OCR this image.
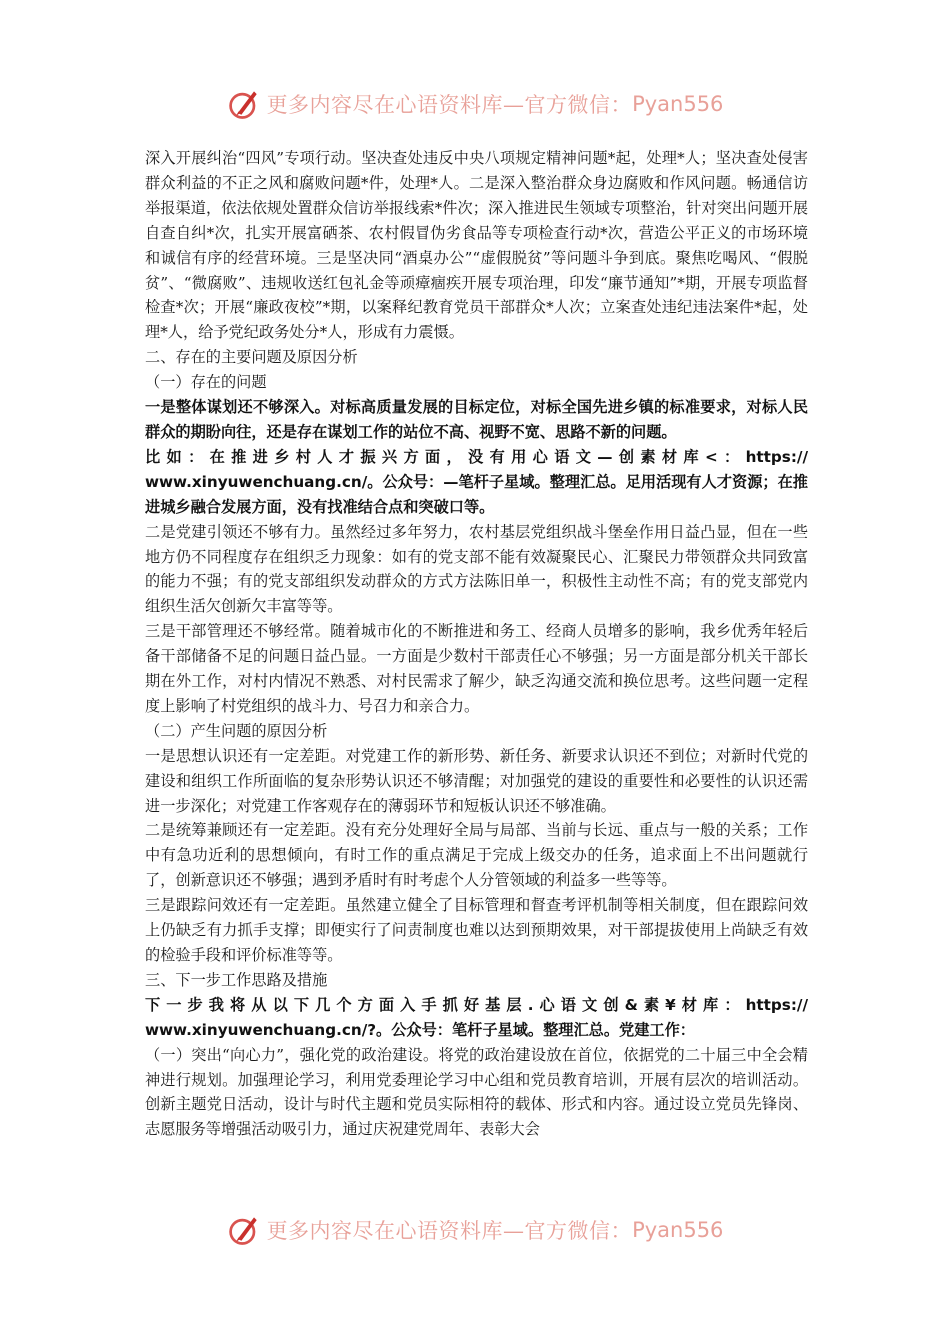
更多内容尽在心语资料库—官方微信： Pyan556

深入开展纠治“四风”专项行动。坚决查处违反中央八项规定精神问题*起，处理*人；坚决查处侵害群众利益的不正之风和腐败问题*件，处理*人。二是深入整治群众身边腐败和作风问题。畅通信访举报渠道，依法依规处置群众信访举报线索*件次；深入推进民生领域专项整治，针对突出问题开展自查自纠*次，扎实开展富硒茶、农村假冒伪劣食品等专项检查行动*次，营造公平正义的市场环境和诚信有序的经营环境。三是坚决同“酒桌办公”“虚假脱贫”等问题斗争到底。聚焦吃喝风、“假脱贫”、“微腐败”、违规收送红包礼金等顽瘴痼疾开展专项治理，印发“廉节通知”*期，开展专项监督检查*次；开展“廉政夜校”*期，以案释纪教育党员干部群众*人次；立案查处违纪违法案件*起，处理*人，给予党纪政务处分*人，形成有力震慑。

二、存在的主要问题及原因分析

（一）存在的问题

一是整体谋划还不够深入。对标高质量发展的目标定位，对标全国先进乡镇的标准要求，对标人民群众的期盼向往，还是存在谋划工作的站位不高、视野不宽、思路不新的问题。

比如：在推进乡村人才振兴方面，没有用心语文—创素材库<：https://

www.xinyuwenchuang.cn/。公众号：—笔杆子星域。整理汇总。足用活现有人才资源；在推进城乡融合发展方面，没有找准结合点和突破口等。

二是党建引领还不够有力。虽然经过多年努力，农村基层党组织战斗堡垒作用日益凸显，但在一些地方仍不同程度存在组织乏力现象：如有的党支部不能有效凝聚民心、汇聚民力带领群众共同致富的能力不强；有的党支部组织发动群众的方式方法陈旧单一，积极性主动性不高；有的党支部党内组织生活欠创新欠丰富等等。

三是干部管理还不够经常。随着城市化的不断推进和务工、经商人员增多的影响，我乡优秀年轻后备干部储备不足的问题日益凸显。一方面是少数村干部责任心不够强；另一方面是部分机关干部长期在外工作，对村内情况不熟悉、对村民需求了解少，缺乏沟通交流和换位思考。这些问题一定程度上影响了村党组织的战斗力、号召力和亲合力。

（二）产生问题的原因分析

一是思想认识还有一定差距。对党建工作的新形势、新任务、新要求认识还不到位；对新时代党的建设和组织工作所面临的复杂形势认识还不够清醒；对加强党的建设的重要性和必要性的认识还需进一步深化；对党建工作客观存在的薄弱环节和短板认识还不够准确。

二是统筹兼顾还有一定差距。没有充分处理好全局与局部、当前与长远、重点与一般的关系；工作中有急功近利的思想倾向，有时工作的重点满足于完成上级交办的任务，追求面上不出问题就行了，创新意识还不够强；遇到矛盾时有时考虑个人分管领域的利益多一些等等。

三是跟踪问效还有一定差距。虽然建立健全了目标管理和督查考评机制等相关制度，但在跟踪问效上仍缺乏有力抓手支撑；即便实行了问责制度也难以达到预期效果，对干部提拔使用上尚缺乏有效的检验手段和评价标准等等。

三、下一步工作思路及措施

下一步我将从以下几个方面入手抓好基层.心语文创&素¥材库：https://

www.xinyuwenchuang.cn/?。公众号：笔杆子星域。整理汇总。党建工作：

（一）突出“向心力”，强化党的政治建设。将党的政治建设放在首位，依据党的二十届三中全会精神进行规划。加强理论学习，利用党委理论学习中心组和党员教育培训，开展有层次的培训活动。创新主题党日活动，设计与时代主题和党员实际相符的载体、形式和内容。通过设立党员先锋岗、志愿服务等增强活动吸引力，通过庆祝建党周年、表彰大会

更多内容尽在心语资料库—官方微信： Pyan556
